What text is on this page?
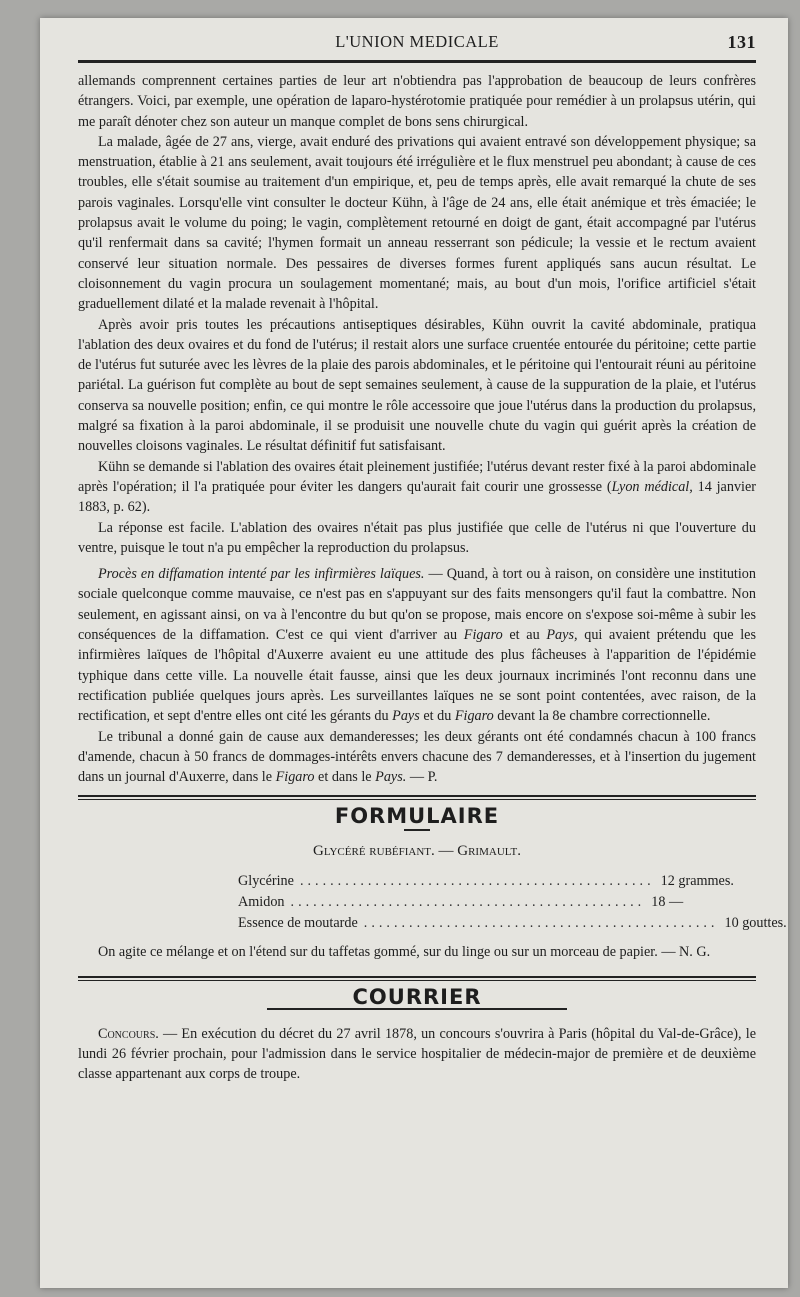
L'UNION MEDICALE	131

allemands comprennent certaines parties de leur art n'obtiendra pas l'approbation de beaucoup de leurs confrères étrangers. Voici, par exemple, une opération de laparo-hystérotomie pratiquée pour remédier à un prolapsus utérin, qui me paraît dénoter chez son auteur un manque complet de bons sens chirurgical.

La malade, âgée de 27 ans, vierge, avait enduré des privations qui avaient entravé son développement physique; sa menstruation, établie à 21 ans seulement, avait toujours été irrégulière et le flux menstruel peu abondant; à cause de ces troubles, elle s'était soumise au traitement d'un empirique, et, peu de temps après, elle avait remarqué la chute de ses parois vaginales. Lorsqu'elle vint consulter le docteur Kühn, à l'âge de 24 ans, elle était anémique et très émaciée; le prolapsus avait le volume du poing; le vagin, complètement retourné en doigt de gant, était accompagné par l'utérus qu'il renfermait dans sa cavité; l'hymen formait un anneau resserrant son pédicule; la vessie et le rectum avaient conservé leur situation normale. Des pessaires de diverses formes furent appliqués sans aucun résultat. Le cloisonnement du vagin procura un soulagement momentané; mais, au bout d'un mois, l'orifice artificiel s'était graduellement dilaté et la malade revenait à l'hôpital.

Après avoir pris toutes les précautions antiseptiques désirables, Kühn ouvrit la cavité abdominale, pratiqua l'ablation des deux ovaires et du fond de l'utérus; il restait alors une surface cruentée entourée du péritoine; cette partie de l'utérus fut suturée avec les lèvres de la plaie des parois abdominales, et le péritoine qui l'entourait réuni au péritoine pariétal. La guérison fut complète au bout de sept semaines seulement, à cause de la suppuration de la plaie, et l'utérus conserva sa nouvelle position; enfin, ce qui montre le rôle accessoire que joue l'utérus dans la production du prolapsus, malgré sa fixation à la paroi abdominale, il se produisit une nouvelle chute du vagin qui guérit après la création de nouvelles cloisons vaginales. Le résultat définitif fut satisfaisant.

Kühn se demande si l'ablation des ovaires était pleinement justifiée; l'utérus devant rester fixé à la paroi abdominale après l'opération; il l'a pratiquée pour éviter les dangers qu'aurait fait courir une grossesse (Lyon médical, 14 janvier 1883, p. 62).

La réponse est facile. L'ablation des ovaires n'était pas plus justifiée que celle de l'utérus ni que l'ouverture du ventre, puisque le tout n'a pu empêcher la reproduction du prolapsus.

Procès en diffamation intenté par les infirmières laïques. — Quand, à tort ou à raison, on considère une institution sociale quelconque comme mauvaise, ce n'est pas en s'appuyant sur des faits mensongers qu'il faut la combattre. Non seulement, en agissant ainsi, on va à l'encontre du but qu'on se propose, mais encore on s'expose soi-même à subir les conséquences de la diffamation. C'est ce qui vient d'arriver au Figaro et au Pays, qui avaient prétendu que les infirmières laïques de l'hôpital d'Auxerre avaient eu une attitude des plus fâcheuses à l'apparition de l'épidémie typhique dans cette ville. La nouvelle était fausse, ainsi que les deux journaux incriminés l'ont reconnu dans une rectification publiée quelques jours après. Les surveillantes laïques ne se sont point contentées, avec raison, de la rectification, et sept d'entre elles ont cité les gérants du Pays et du Figaro devant la 8e chambre correctionnelle.

Le tribunal a donné gain de cause aux demanderesses; les deux gérants ont été condamnés chacun à 100 francs d'amende, chacun à 50 francs de dommages-intérêts envers chacune des 7 demanderesses, et à l'insertion du jugement dans un journal d'Auxerre, dans le Figaro et dans le Pays. — P.

FORMULAIRE
Glycéré rubéfiant. — Grimault.
Glycérine ............................................... 12 grammes.
Amidon ............................................... 18 —
Essence de moutarde ............................................... 10 gouttes.

On agite ce mélange et on l'étend sur du taffetas gommé, sur du linge ou sur un morceau de papier. — N. G.

COURRIER

Concours. — En exécution du décret du 27 avril 1878, un concours s'ouvrira à Paris (hôpital du Val-de-Grâce), le lundi 26 février prochain, pour l'admission dans le service hospitalier de médecin-major de première et de deuxième classe appartenant aux corps de troupe.
